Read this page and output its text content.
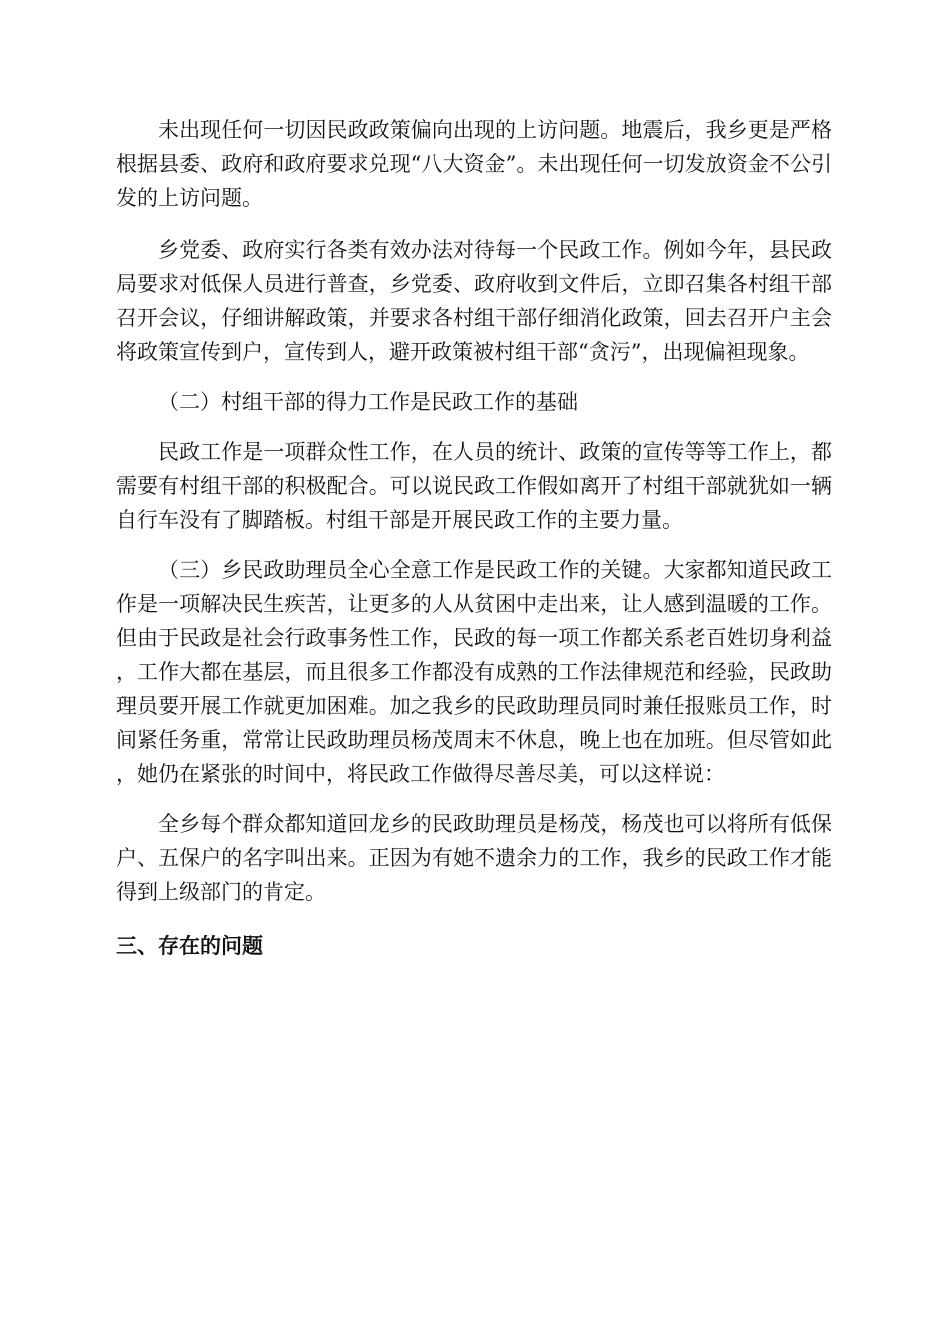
未出现任何一切因民政政策偏向出现的上访问题。地震后，我乡更是严格根据县委、政府和政府要求兑现“八大资金”。未出现任何一切发放资金不公引发的上访问题。

乡党委、政府实行各类有效办法对待每一个民政工作。例如今年，县民政局要求对低保人员进行普查，乡党委、政府收到文件后，立即召集各村组干部召开会议，仔细讲解政策，并要求各村组干部仔细消化政策，回去召开户主会将政策宣传到户，宣传到人，避开政策被村组干部“贪污”，出现偏袒现象。

（二）村组干部的得力工作是民政工作的基础

民政工作是一项群众性工作，在人员的统计、政策的宣传等等工作上，都需要有村组干部的积极配合。可以说民政工作假如离开了村组干部就犹如一辆自行车没有了脚踏板。村组干部是开展民政工作的主要力量。

（三）乡民政助理员全心全意工作是民政工作的关键。大家都知道民政工作是一项解决民生疾苦，让更多的人从贫困中走出来，让人感到温暖的工作。但由于民政是社会行政事务性工作，民政的每一项工作都关系老百姓切身利益，工作大都在基层，而且很多工作都没有成熟的工作法律规范和经验，民政助理员要开展工作就更加困难。加之我乡的民政助理员同时兼任报账员工作，时间紧任务重，常常让民政助理员杨茂周末不休息，晚上也在加班。但尽管如此，她仍在紧张的时间中，将民政工作做得尽善尽美，可以这样说：

全乡每个群众都知道回龙乡的民政助理员是杨茂，杨茂也可以将所有低保户、五保户的名字叫出来。正因为有她不遗余力的工作，我乡的民政工作才能得到上级部门的肯定。

三、存在的问题
